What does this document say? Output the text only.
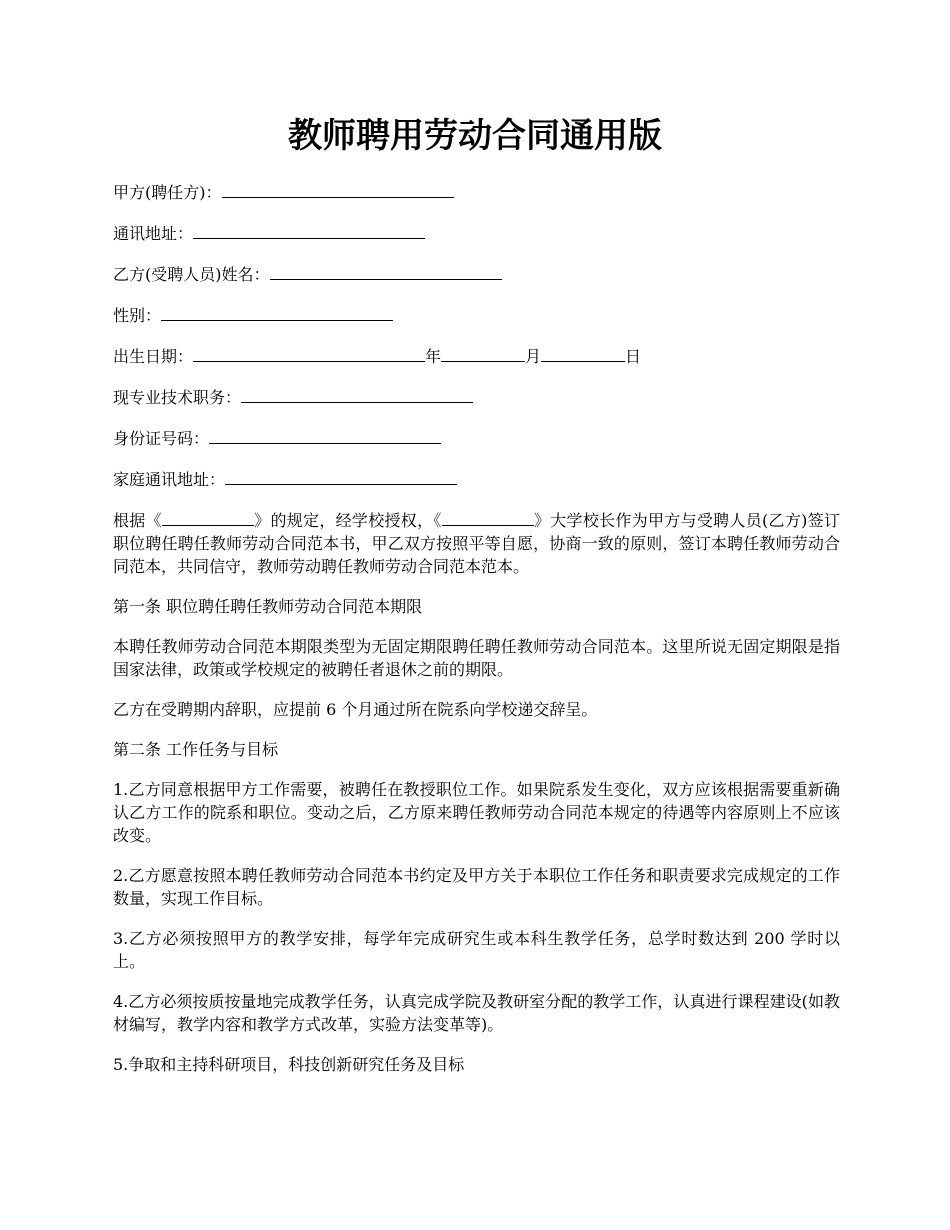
教师聘用劳动合同通用版
甲方(聘任方)：
通讯地址：
乙方(受聘人员)姓名：
性别：
出生日期：	年	月	日
现专业技术职务：
身份证号码：
家庭通讯地址：

根据《	》的规定，经学校授权，《	》大学校长作为甲方与受聘人员(乙方)签订职位聘任聘任教师劳动合同范本书，甲乙双方按照平等自愿，协商一致的原则，签订本聘任教师劳动合同范本，共同信守，教师劳动聘任教师劳动合同范本范本。

第一条 职位聘任聘任教师劳动合同范本期限

本聘任教师劳动合同范本期限类型为无固定期限聘任聘任教师劳动合同范本。这里所说无固定期限是指国家法律，政策或学校规定的被聘任者退休之前的期限。

乙方在受聘期内辞职，应提前 6 个月通过所在院系向学校递交辞呈。

第二条 工作任务与目标

1.乙方同意根据甲方工作需要，被聘任在教授职位工作。如果院系发生变化，双方应该根据需要重新确认乙方工作的院系和职位。变动之后，乙方原来聘任教师劳动合同范本规定的待遇等内容原则上不应该改变。

2.乙方愿意按照本聘任教师劳动合同范本书约定及甲方关于本职位工作任务和职责要求完成规定的工作数量，实现工作目标。

3.乙方必须按照甲方的教学安排，每学年完成研究生或本科生教学任务，总学时数达到 200 学时以上。

4.乙方必须按质按量地完成教学任务，认真完成学院及教研室分配的教学工作，认真进行课程建设(如教材编写，教学内容和教学方式改革，实验方法变革等)。

5.争取和主持科研项目，科技创新研究任务及目标
